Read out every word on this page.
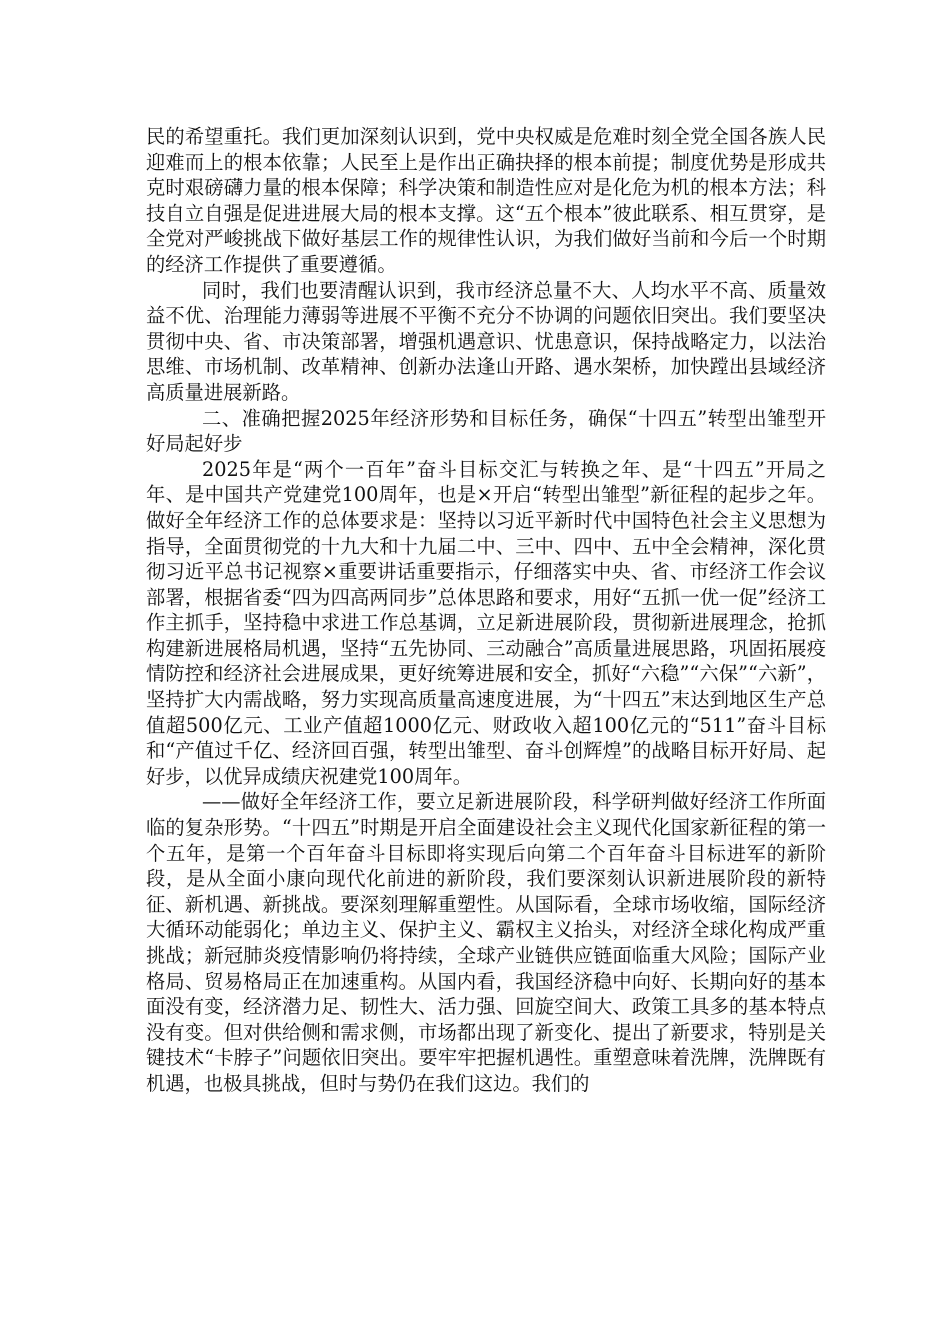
民的希望重托。我们更加深刻认识到，党中央权威是危难时刻全党全国各族人民迎难而上的根本依靠；人民至上是作出正确抉择的根本前提；制度优势是形成共克时艰磅礴力量的根本保障；科学决策和制造性应对是化危为机的根本方法；科技自立自强是促进进展大局的根本支撑。这“五个根本”彼此联系、相互贯穿，是全党对严峻挑战下做好基层工作的规律性认识，为我们做好当前和今后一个时期的经济工作提供了重要遵循。

同时，我们也要清醒认识到，我市经济总量不大、人均水平不高、质量效益不优、治理能力薄弱等进展不平衡不充分不协调的问题依旧突出。我们要坚决贯彻中央、省、市决策部署，增强机遇意识、忧患意识，保持战略定力，以法治思维、市场机制、改革精神、创新办法逢山开路、遇水架桥，加快蹚出县域经济高质量进展新路。

二、准确把握2025年经济形势和目标任务，确保“十四五”转型出雏型开好局起好步

2025年是“两个一百年”奋斗目标交汇与转换之年、是“十四五”开局之年、是中国共产党建党100周年，也是×开启“转型出雏型”新征程的起步之年。做好全年经济工作的总体要求是：坚持以习近平新时代中国特色社会主义思想为指导，全面贯彻党的十九大和十九届二中、三中、四中、五中全会精神，深化贯彻习近平总书记视察×重要讲话重要指示，仔细落实中央、省、市经济工作会议部署，根据省委“四为四高两同步”总体思路和要求，用好“五抓一优一促”经济工作主抓手，坚持稳中求进工作总基调，立足新进展阶段，贯彻新进展理念，抢抓构建新进展格局机遇，坚持“五先协同、三动融合”高质量进展思路，巩固拓展疫情防控和经济社会进展成果，更好统筹进展和安全，抓好“六稳”“六保”“六新”，坚持扩大内需战略，努力实现高质量高速度进展，为“十四五”末达到地区生产总值超500亿元、工业产值超1000亿元、财政收入超100亿元的“511”奋斗目标和“产值过千亿、经济回百强，转型出雏型、奋斗创辉煌”的战略目标开好局、起好步，以优异成绩庆祝建党100周年。

——做好全年经济工作，要立足新进展阶段，科学研判做好经济工作所面临的复杂形势。“十四五”时期是开启全面建设社会主义现代化国家新征程的第一个五年，是第一个百年奋斗目标即将实现后向第二个百年奋斗目标进军的新阶段，是从全面小康向现代化前进的新阶段，我们要深刻认识新进展阶段的新特征、新机遇、新挑战。要深刻理解重塑性。从国际看，全球市场收缩，国际经济大循环动能弱化；单边主义、保护主义、霸权主义抬头，对经济全球化构成严重挑战；新冠肺炎疫情影响仍将持续，全球产业链供应链面临重大风险；国际产业格局、贸易格局正在加速重构。从国内看，我国经济稳中向好、长期向好的基本面没有变，经济潜力足、韧性大、活力强、回旋空间大、政策工具多的基本特点没有变。但对供给侧和需求侧，市场都出现了新变化、提出了新要求，特别是关键技术“卡脖子”问题依旧突出。要牢牢把握机遇性。重塑意味着洗牌，洗牌既有机遇，也极具挑战，但时与势仍在我们这边。我们的
